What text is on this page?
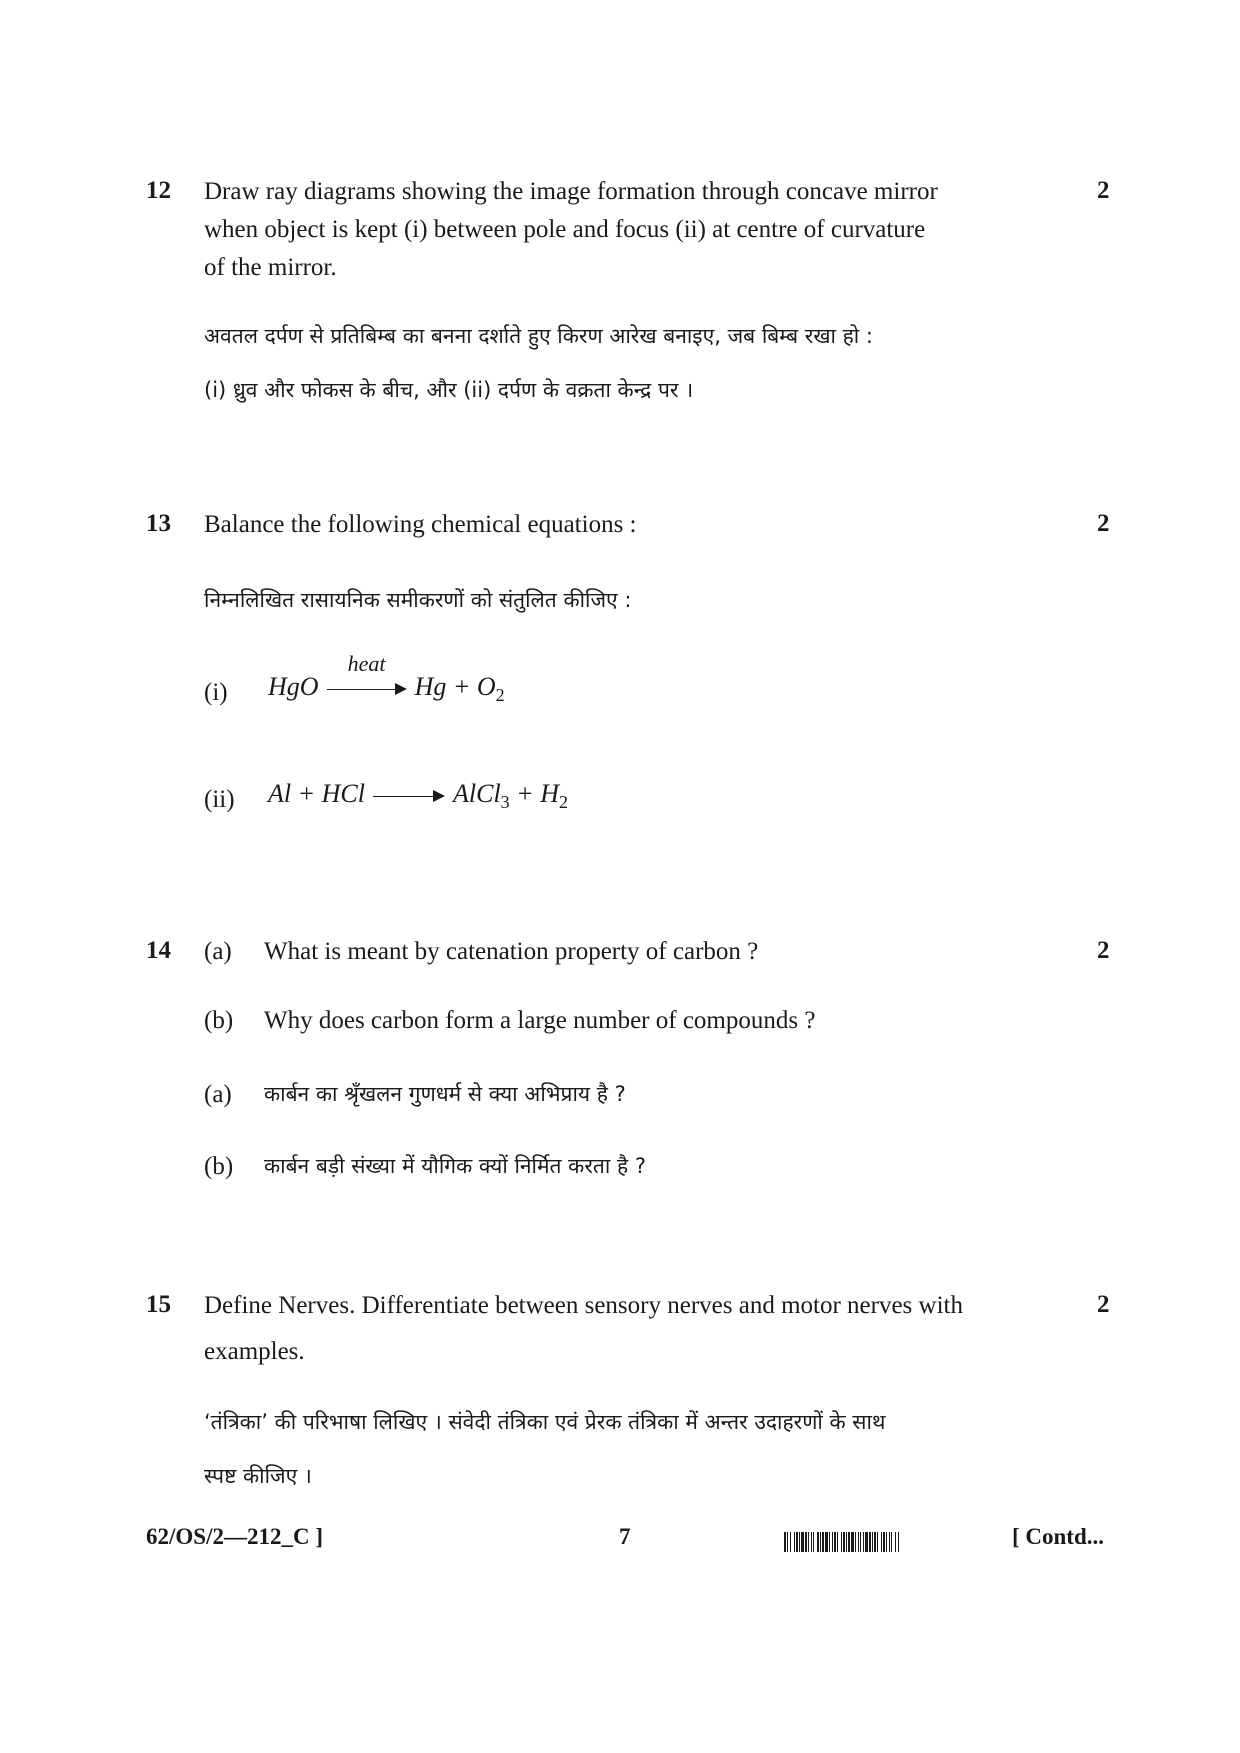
12	2
Draw ray diagrams showing the image formation through concave mirror
when object is kept (i) between pole and focus (ii) at centre of curvature
of the mirror.
अवतल दर्पण से प्रतिबिम्ब का बनना दर्शाते हुए किरण आरेख बनाइए, जब बिम्ब रखा हो :
(i) ध्रुव और फोकस के बीच, और (ii) दर्पण के वक्रता केन्द्र पर ।
13	2
Balance the following chemical equations :
निम्नलिखित रासायनिक समीकरणों को संतुलित कीजिए :
(i) HgO
heat
$Hg + O_2$
(ii) Al + HCl	AlCl$_3$ + $H_2$
14	2
(a) What is meant by catenation property of carbon ?
(b) Why does carbon form a large number of compounds ?
(a) कार्बन का श्रृँखलन गुणधर्म से क्या अभिप्राय है ?
(b) कार्बन बड़ी संख्या में यौगिक क्यों निर्मित करता है ?
15	2
Define Nerves. Differentiate between sensory nerves and motor nerves with
examples.
‘तंत्रिका’ की परिभाषा लिखिए । संवेदी तंत्रिका एवं प्रेरक तंत्रिका में अन्तर उदाहरणों के साथ
स्पष्ट कीजिए ।
62/OS/2—212_C ]	7	[ Contd...
